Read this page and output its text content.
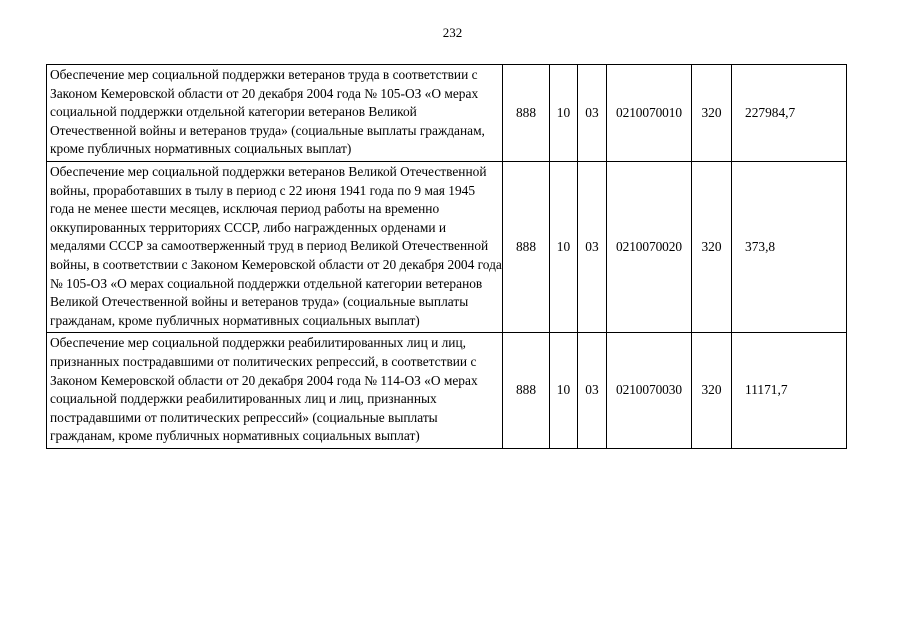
232
Обеспечение мер социальной поддержки ветеранов труда в соответствии с Законом Кемеровской области от 20 декабря 2004 года № 105-ОЗ «О мерах социальной поддержки отдельной категории ветеранов Великой Отечественной войны и ветеранов труда» (социальные выплаты гражданам, кроме публичных нормативных социальных выплат)	888	10	03	0210070010	320	227984,7
Обеспечение мер социальной поддержки ветеранов Великой Отечественной войны, проработавших в тылу в период с 22 июня 1941 года по 9 мая 1945 года не менее шести месяцев, исключая период работы на временно оккупированных территориях СССР, либо награжденных орденами и медалями СССР за самоотверженный труд в период Великой Отечественной войны, в соответствии с Законом Кемеровской области от 20 декабря 2004 года № 105-ОЗ «О мерах социальной поддержки отдельной категории ветеранов Великой Отечественной войны и ветеранов труда» (социальные выплаты гражданам, кроме публичных нормативных социальных выплат)	888	10	03	0210070020	320	373,8
Обеспечение мер социальной поддержки реабилитированных лиц и лиц, признанных пострадавшими от политических репрессий, в соответствии с Законом Кемеровской области от 20 декабря 2004 года № 114-ОЗ «О мерах социальной поддержки реабилитированных лиц и лиц, признанных пострадавшими от политических репрессий» (социальные выплаты гражданам, кроме публичных нормативных социальных выплат)	888	10	03	0210070030	320	11171,7
